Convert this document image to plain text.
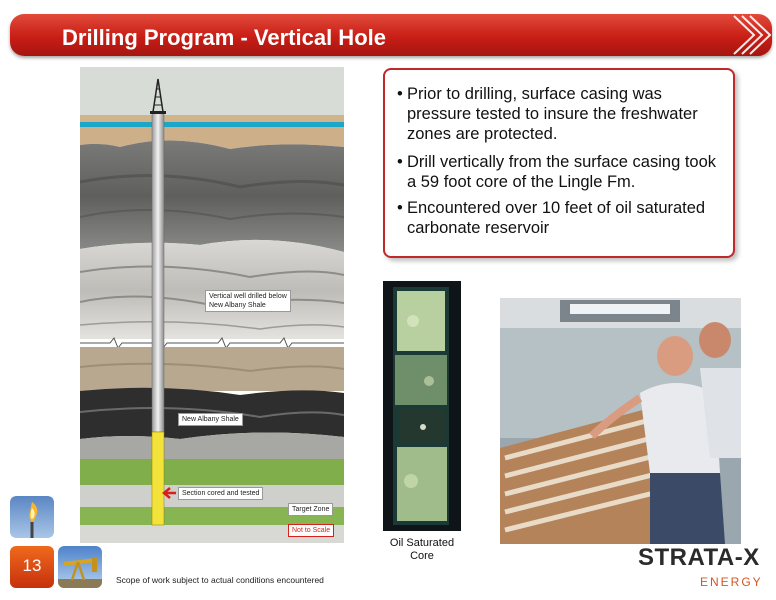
Drilling Program - Vertical Hole
Vertical well drilled below
New Albany Shale
New Albany Shale
Section cored and tested
Target Zone
Not to Scale
• Prior to drilling, surface casing was pressure tested to insure the freshwater zones are protected.
• Drill vertically from the surface casing took a 59 foot core of the Lingle Fm.
• Encountered over 10 feet of oil saturated carbonate reservoir
Oil Saturated
Core
13
Scope of work subject to actual conditions encountered
STRATA-X
ENERGY
